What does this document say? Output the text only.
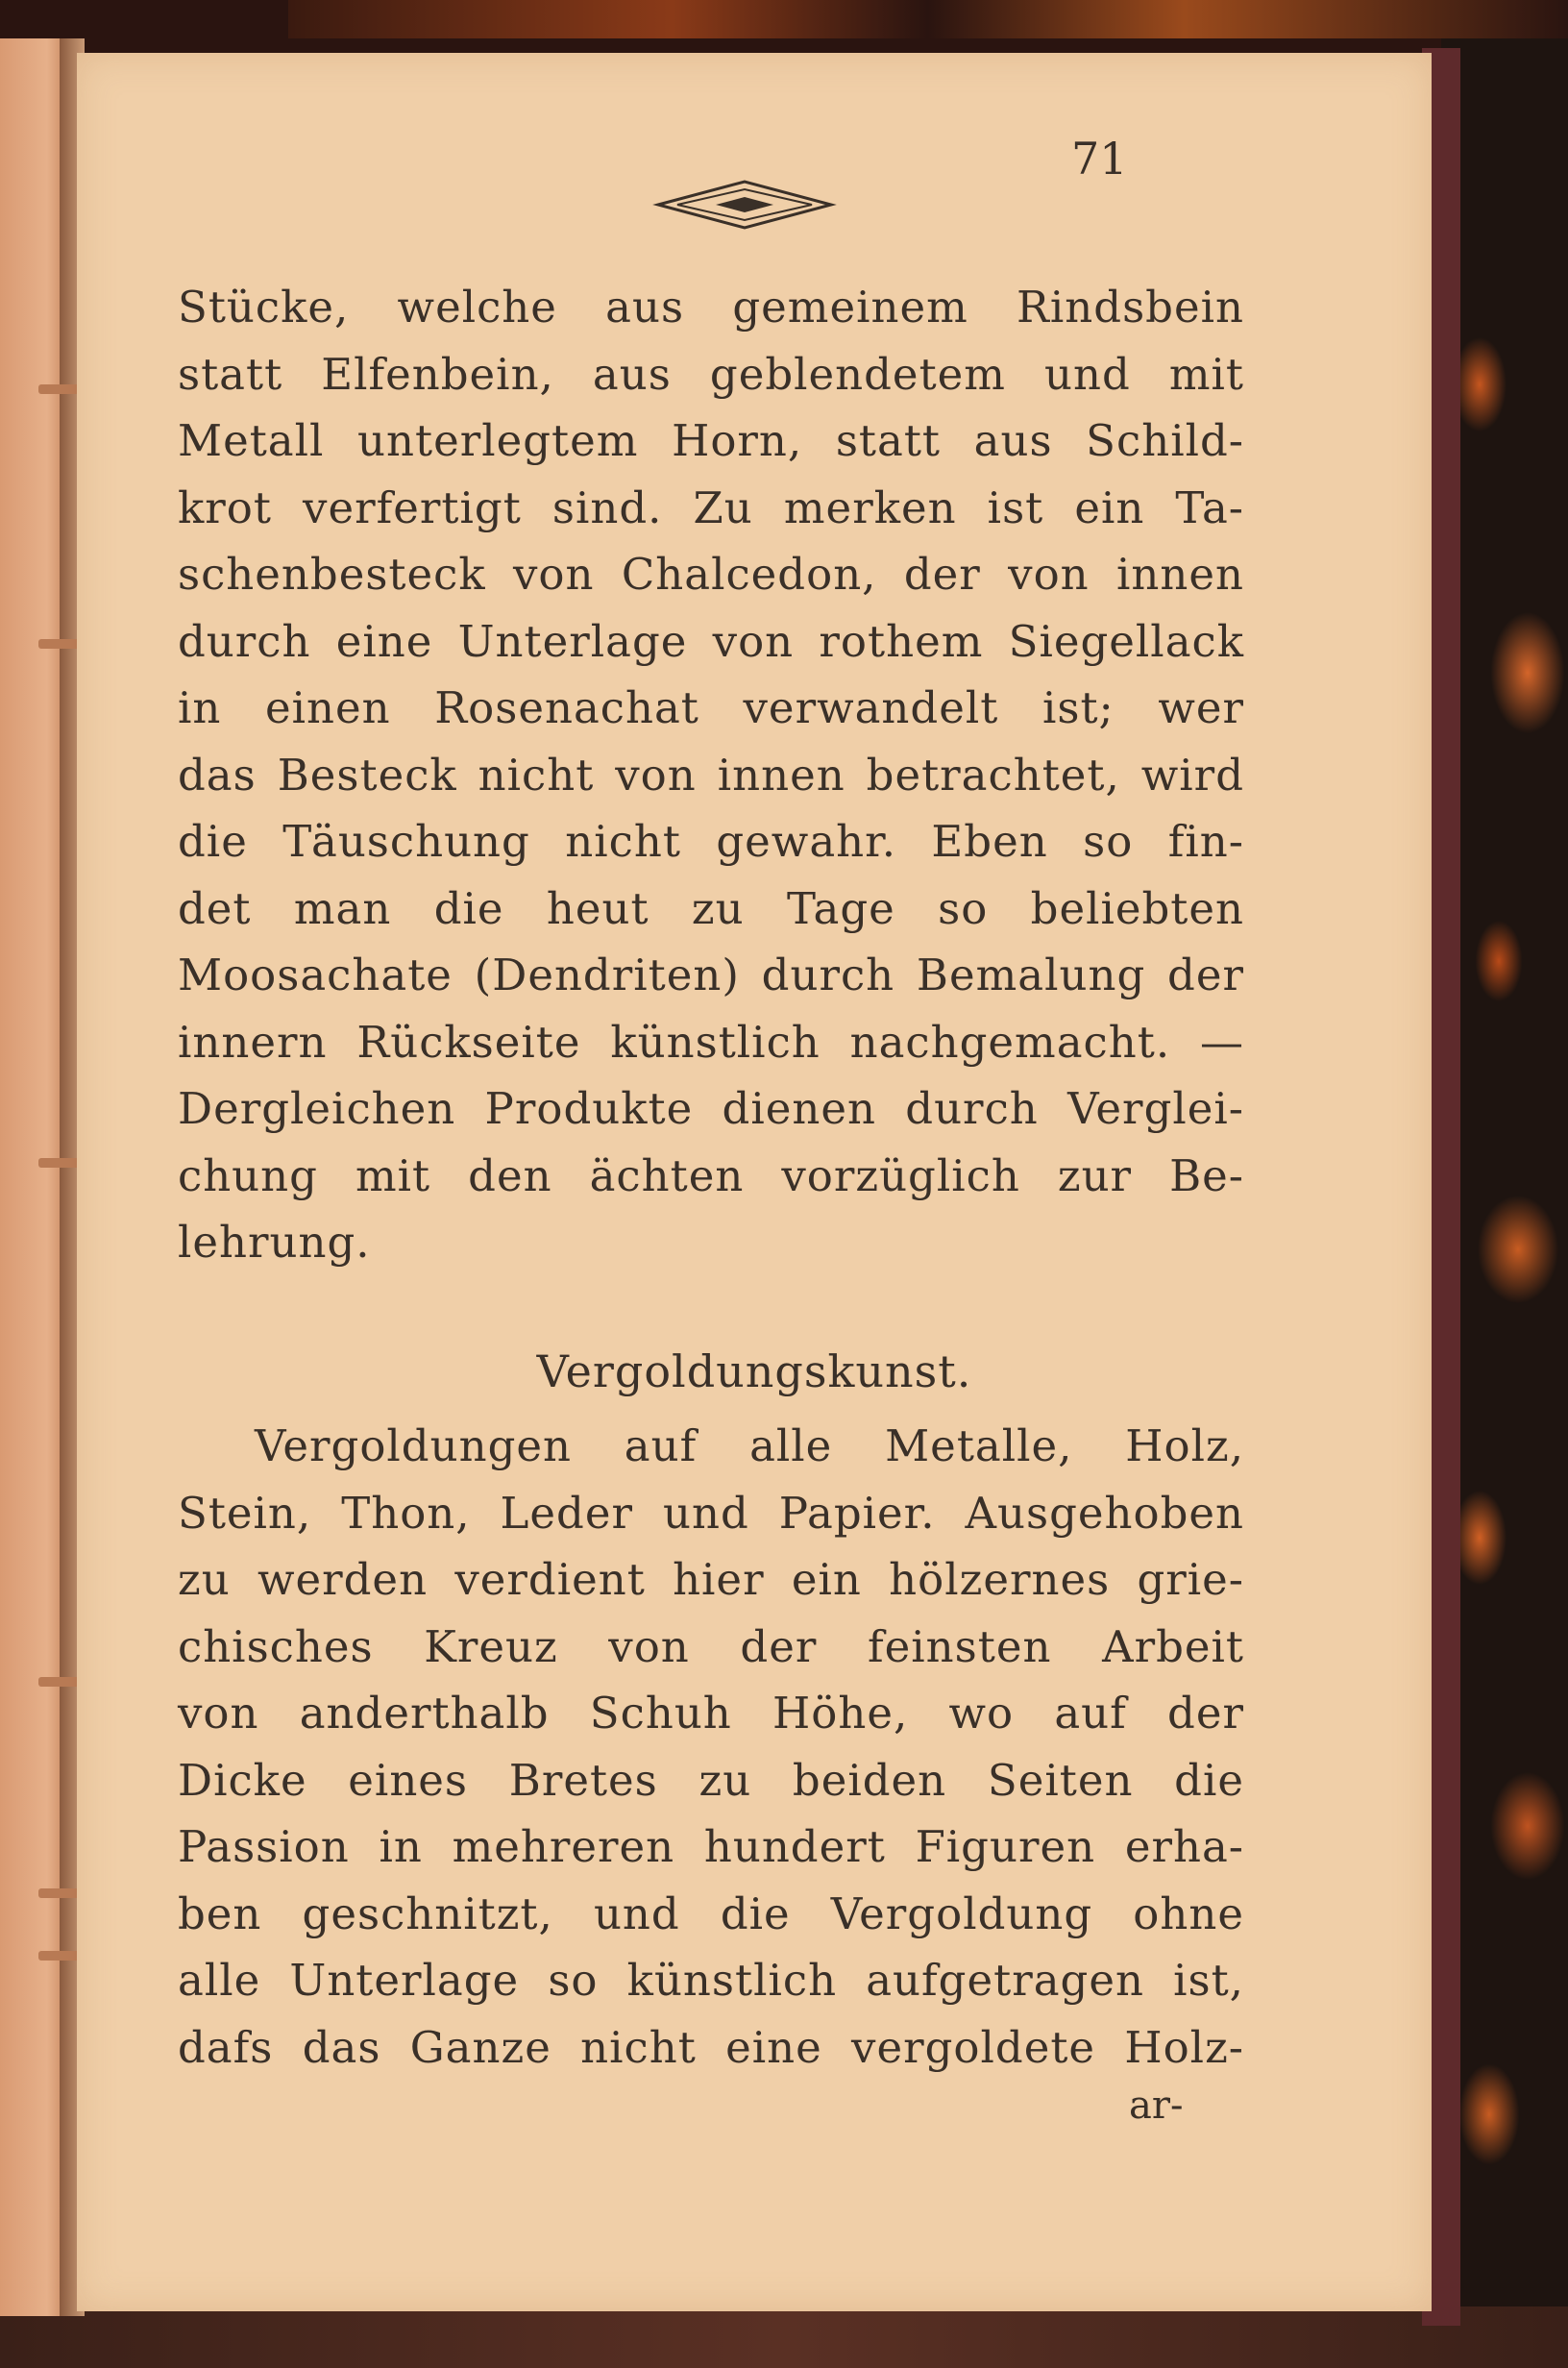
71
Stücke, welche aus gemeinem Rindsbein
statt Elfenbein, aus geblendetem und mit
Metall unterlegtem Horn, statt aus Schild-
krot verfertigt sind. Zu merken ist ein Ta-
schenbesteck von Chalcedon, der von innen
durch eine Unterlage von rothem Siegellack
in einen Rosenachat verwandelt ist; wer
das Besteck nicht von innen betrachtet, wird
die Täuschung nicht gewahr. Eben so fin-
det man die heut zu Tage so beliebten
Moosachate (Dendriten) durch Bemalung der
innern Rückseite künstlich nachgemacht. —
Dergleichen Produkte dienen durch Verglei-
chung mit den ächten vorzüglich zur Be-
lehrung.
Vergoldungskunst.
Vergoldungen auf alle Metalle, Holz,
Stein, Thon, Leder und Papier. Ausgehoben
zu werden verdient hier ein hölzernes grie-
chisches Kreuz von der feinsten Arbeit
von anderthalb Schuh Höhe, wo auf der
Dicke eines Bretes zu beiden Seiten die
Passion in mehreren hundert Figuren erha-
ben geschnitzt, und die Vergoldung ohne
alle Unterlage so künstlich aufgetragen ist,
dafs das Ganze nicht eine vergoldete Holz-
ar-
